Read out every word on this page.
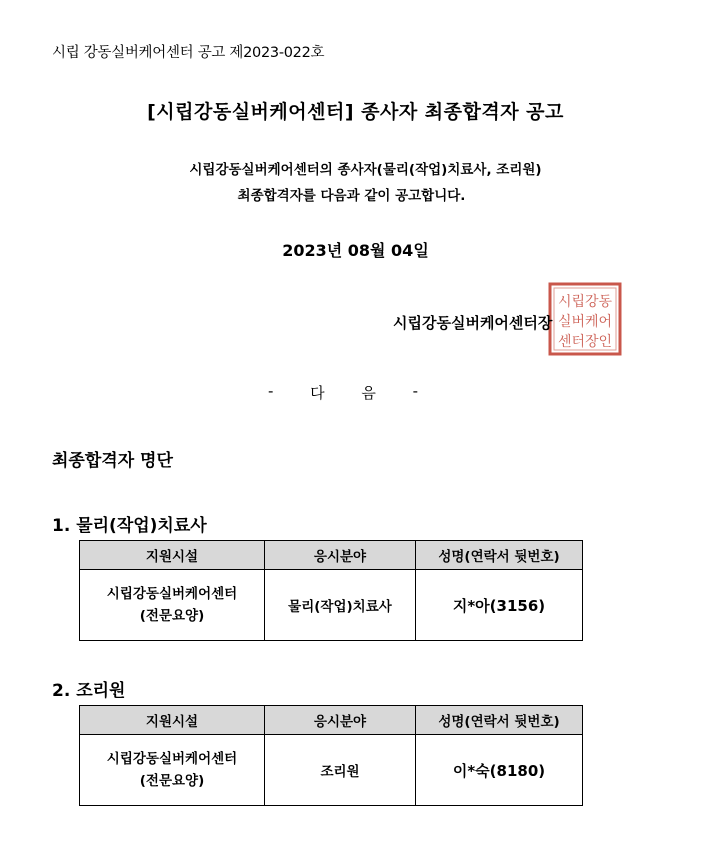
시립 강동실버케어센터 공고 제2023-022호
[시립강동실버케어센터] 종사자 최종합격자 공고
시립강동실버케어센터의 종사자(물리(작업)치료사, 조리원)
최종합격자를 다음과 같이 공고합니다.
2023년 08월 04일
시립강동
실버케어
센터장인
시립강동실버케어센터장
- 다 음 -
최종합격자 명단
1. 물리(작업)치료사
지원시설	응시분야	성명(연락서 뒷번호)

시립강동실버케어센터
(전문요양)	물리(작업)치료사	지*아(3156)
2. 조리원
지원시설	응시분야	성명(연락서 뒷번호)

시립강동실버케어센터
(전문요양)	조리원	이*숙(8180)
